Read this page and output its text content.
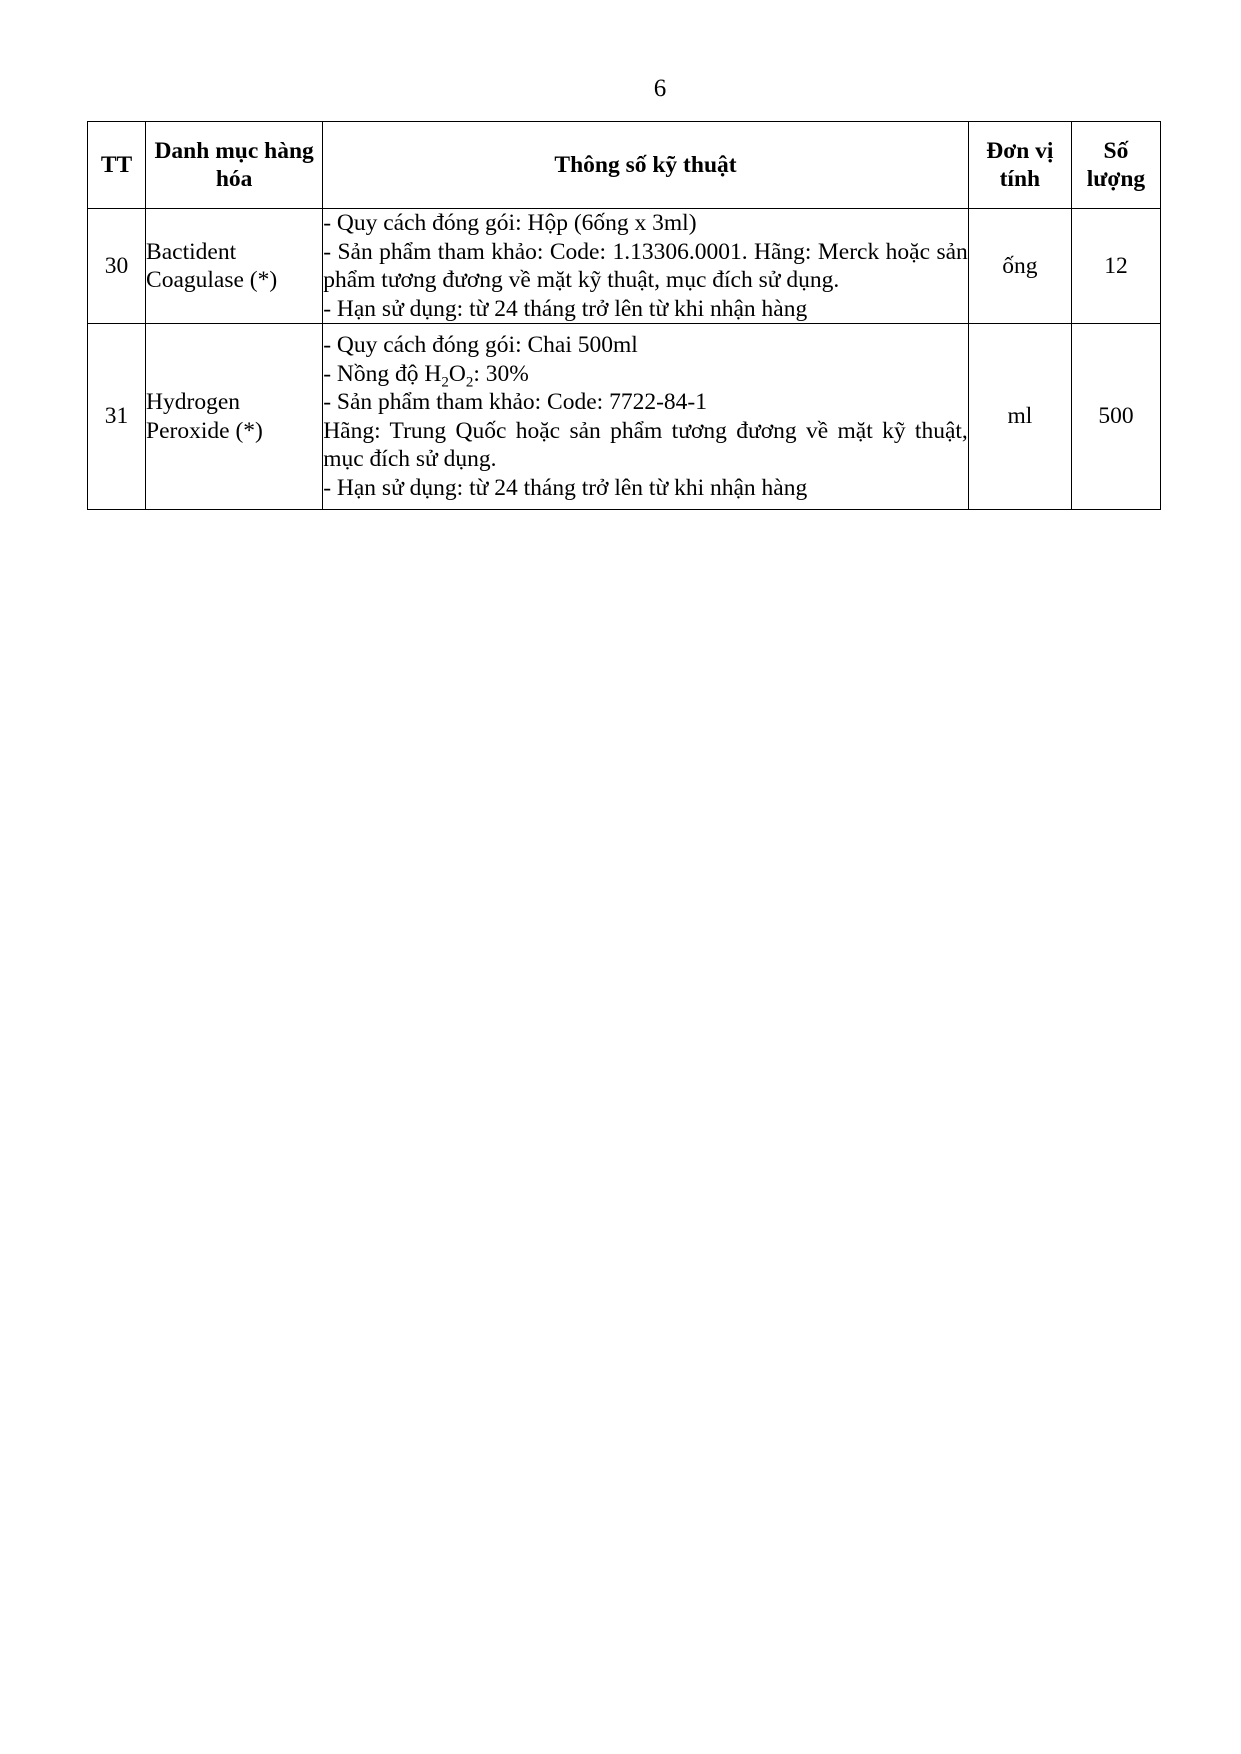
6
TT	Danh mục hàng hóa	Thông số kỹ thuật	Đơn vị tính	Số lượng
30	Bactident Coagulase (*)	- Quy cách đóng gói: Hộp (6ống x 3ml)
- Sản phẩm tham khảo: Code: 1.13306.0001. Hãng: Merck hoặc sản phẩm tương đương về mặt kỹ thuật, mục đích sử dụng.
- Hạn sử dụng: từ 24 tháng trở lên từ khi nhận hàng	ống	12
31	Hydrogen Peroxide (*)	- Quy cách đóng gói: Chai 500ml
- Nồng độ $H_2O_2$: 30%
- Sản phẩm tham khảo: Code: 7722-84-1
Hãng: Trung Quốc hoặc sản phẩm tương đương về mặt kỹ thuật, mục đích sử dụng.
- Hạn sử dụng: từ 24 tháng trở lên từ khi nhận hàng	ml	500
